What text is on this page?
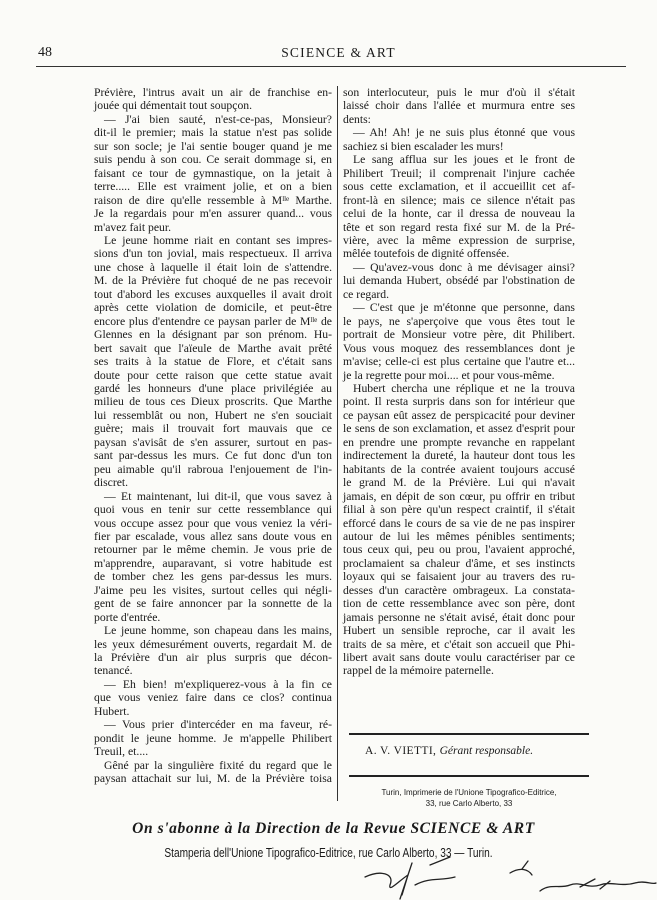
48	SCIENCE & ART
Prévière, l'intrus avait un air de franchise en-
jouée qui démentait tout soupçon.
— J'ai bien sauté, n'est-ce-pas, Monsieur?
dit-il le premier; mais la statue n'est pas solide
sur son socle; je l'ai sentie bouger quand je me
suis pendu à son cou. Ce serait dommage si, en
faisant ce tour de gymnastique, on la jetait à
terre..... Elle est vraiment jolie, et on a bien
raison de dire qu'elle ressemble à Mˡˡᵉ Marthe.
Je la regardais pour m'en assurer quand... vous
m'avez fait peur.
Le jeune homme riait en contant ses impres-
sions d'un ton jovial, mais respectueux. Il arriva
une chose à laquelle il était loin de s'attendre.
M. de la Prévière fut choqué de ne pas recevoir
tout d'abord les excuses auxquelles il avait droit
après cette violation de domicile, et peut-être
encore plus d'entendre ce paysan parler de Mˡˡᵉ de
Glennes en la désignant par son prénom. Hu-
bert savait que l'aïeule de Marthe avait prêté
ses traits à la statue de Flore, et c'était sans
doute pour cette raison que cette statue avait
gardé les honneurs d'une place privilégiée au
milieu de tous ces Dieux proscrits. Que Marthe
lui ressemblât ou non, Hubert ne s'en souciait
guère; mais il trouvait fort mauvais que ce
paysan s'avisât de s'en assurer, surtout en pas-
sant par-dessus les murs. Ce fut donc d'un ton
peu aimable qu'il rabroua l'enjouement de l'in-
discret.
— Et maintenant, lui dit-il, que vous savez à
quoi vous en tenir sur cette ressemblance qui
vous occupe assez pour que vous veniez la véri-
fier par escalade, vous allez sans doute vous en
retourner par le même chemin. Je vous prie de
m'apprendre, auparavant, si votre habitude est
de tomber chez les gens par-dessus les murs.
J'aime peu les visites, surtout celles qui négli-
gent de se faire annoncer par la sonnette de la
porte d'entrée.
Le jeune homme, son chapeau dans les mains,
les yeux démesurément ouverts, regardait M. de
la Prévière d'un air plus surpris que décon-
tenancé.
— Eh bien! m'expliquerez-vous à la fin ce
que vous veniez faire dans ce clos? continua
Hubert.
— Vous prier d'intercéder en ma faveur, ré-
pondit le jeune homme. Je m'appelle Philibert
Treuil, et....
Gêné par la singulière fixité du regard que le
paysan attachait sur lui, M. de la Prévière toisa
son interlocuteur, puis le mur d'où il s'était
laissé choir dans l'allée et murmura entre ses
dents:
— Ah! Ah! je ne suis plus étonné que vous
sachiez si bien escalader les murs!
Le sang afflua sur les joues et le front de
Philibert Treuil; il comprenait l'injure cachée
sous cette exclamation, et il accueillit cet af-
front-là en silence; mais ce silence n'était pas
celui de la honte, car il dressa de nouveau la
tête et son regard resta fixé sur M. de la Pré-
vière, avec la même expression de surprise,
mêlée toutefois de dignité offensée.
— Qu'avez-vous donc à me dévisager ainsi?
lui demanda Hubert, obsédé par l'obstination de
ce regard.
— C'est que je m'étonne que personne, dans
le pays, ne s'aperçoive que vous êtes tout le
portrait de Monsieur votre père, dit Philibert.
Vous vous moquez des ressemblances dont je
m'avise; celle-ci est plus certaine que l'autre et...
je la regrette pour moi.... et pour vous-même.
Hubert chercha une réplique et ne la trouva
point. Il resta surpris dans son for intérieur que
ce paysan eût assez de perspicacité pour deviner
le sens de son exclamation, et assez d'esprit pour
en prendre une prompte revanche en rappelant
indirectement la dureté, la hauteur dont tous les
habitants de la contrée avaient toujours accusé
le grand M. de la Prévière. Lui qui n'avait
jamais, en dépit de son cœur, pu offrir en tribut
filial à son père qu'un respect craintif, il s'était
efforcé dans le cours de sa vie de ne pas inspirer
autour de lui les mêmes pénibles sentiments;
tous ceux qui, peu ou prou, l'avaient approché,
proclamaient sa chaleur d'âme, et ses instincts
loyaux qui se faisaient jour au travers des ru-
desses d'un caractère ombrageux. La constata-
tion de cette ressemblance avec son père, dont
jamais personne ne s'était avisé, était donc pour
Hubert un sensible reproche, car il avait les
traits de sa mère, et c'était son accueil que Phi-
libert avait sans doute voulu caractériser par ce
rappel de la mémoire paternelle.
A. V. VIETTI, Gérant responsable.
Turin, Imprimerie de l'Unione Tipografico-Editrice,
33, rue Carlo Alberto, 33
On s'abonne à la Direction de la Revue SCIENCE & ART
Stamperia dell'Unione Tipografico-Editrice, rue Carlo Alberto, 33 — Turin.
